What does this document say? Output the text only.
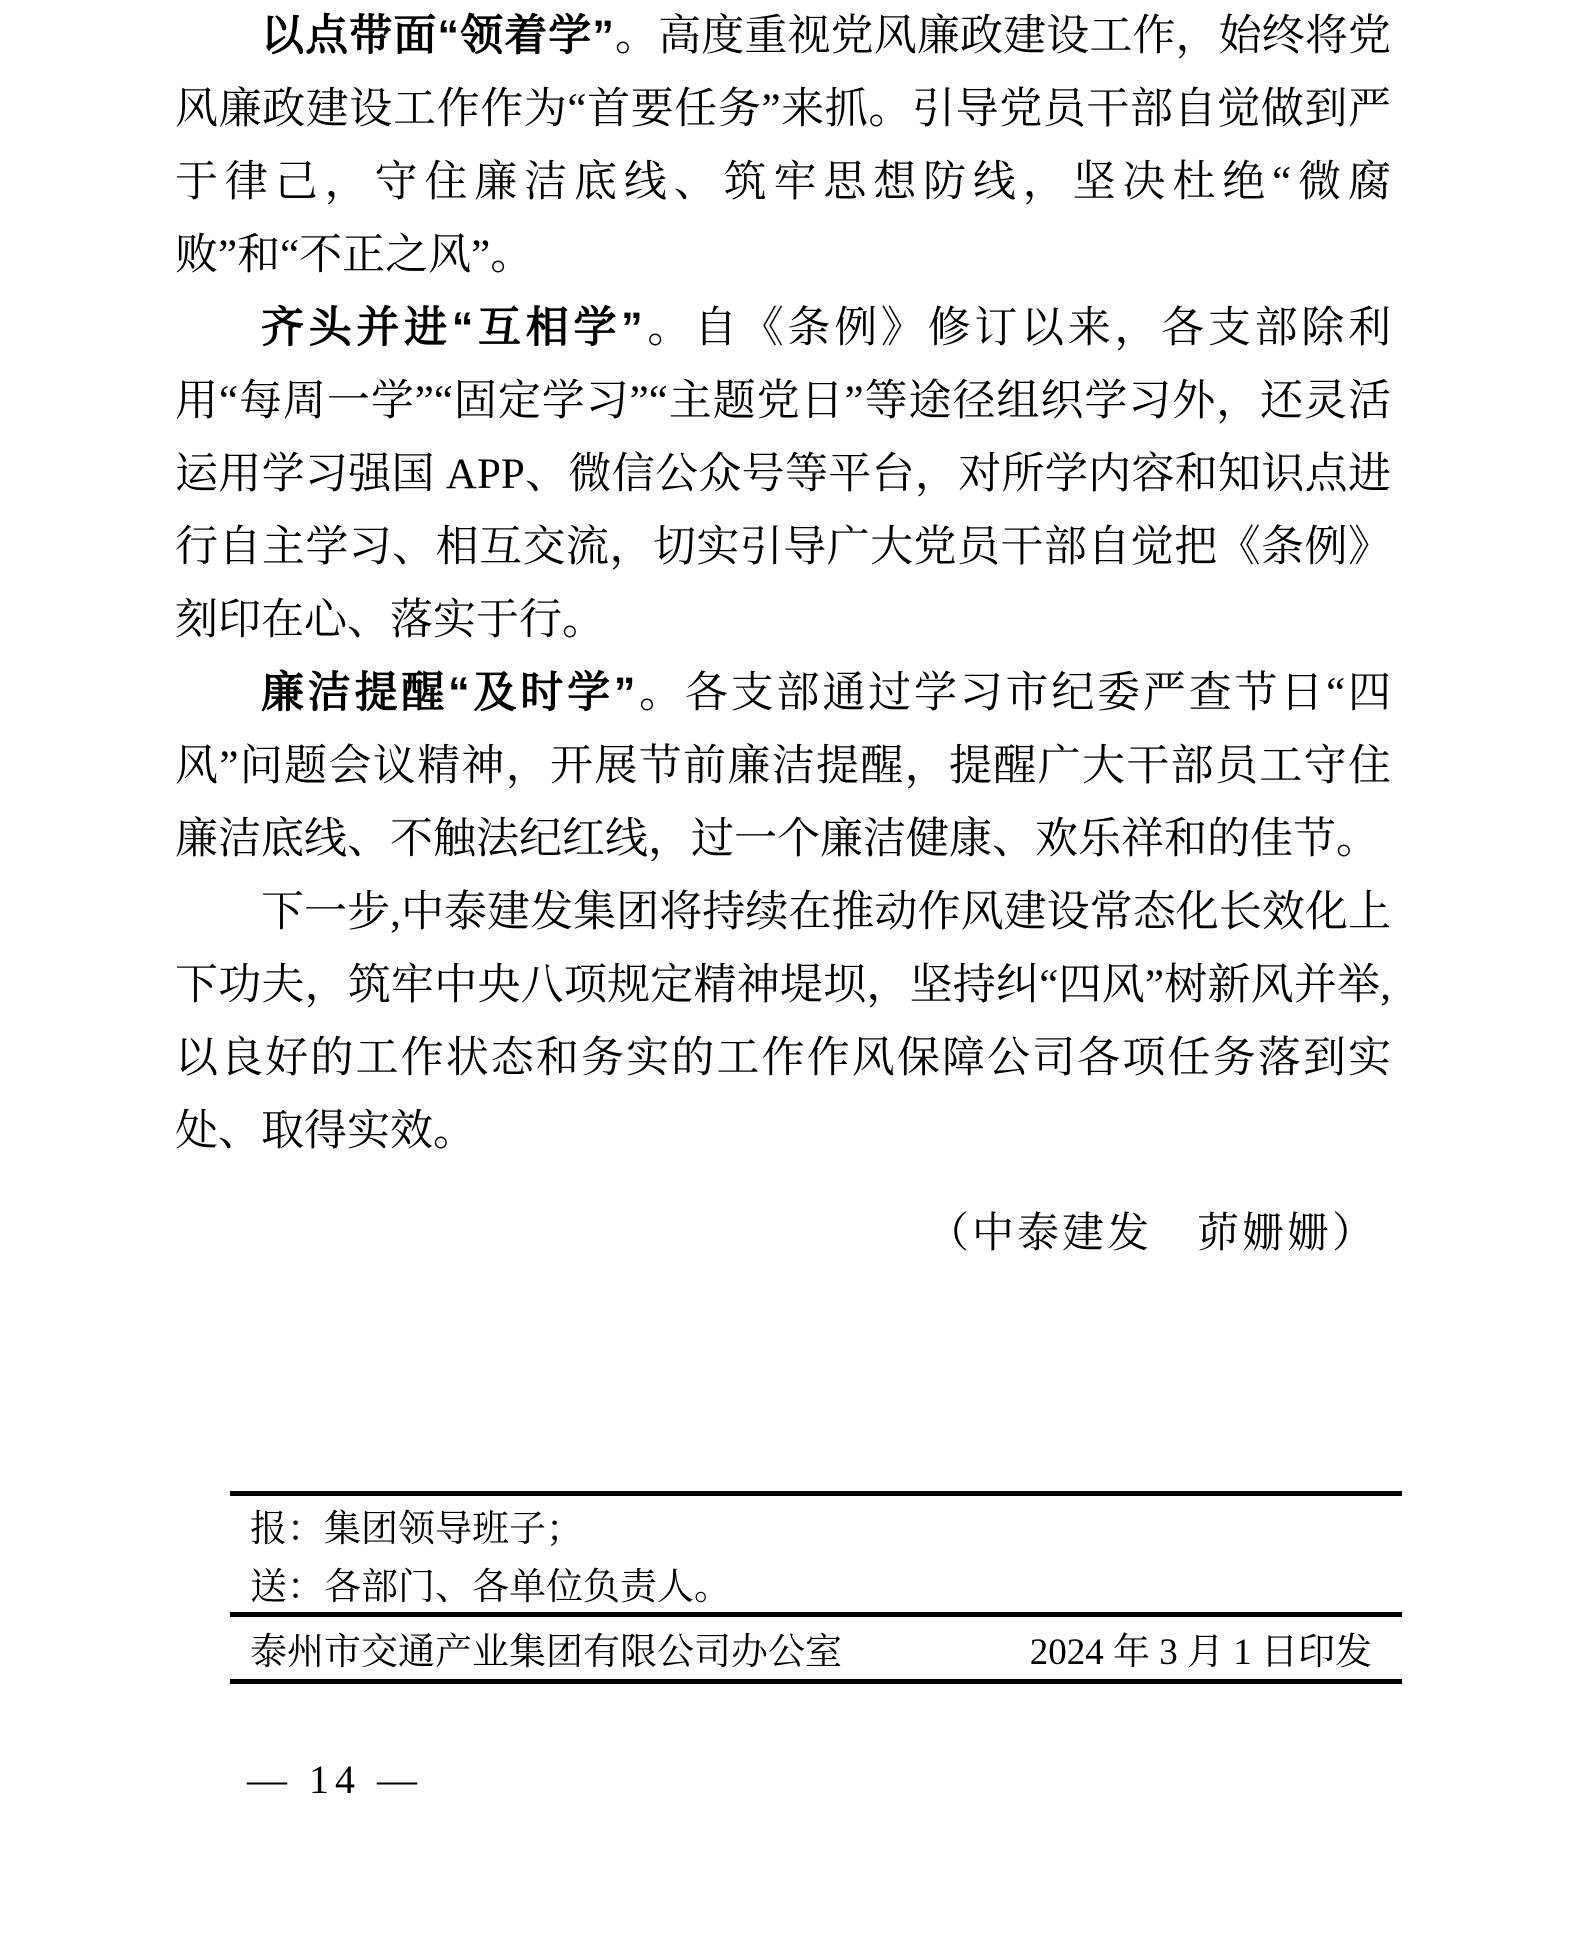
以点带面“领着学”。高度重视党风廉政建设工作，始终将党风廉政建设工作作为“首要任务”来抓。引导党员干部自觉做到严于律己，守住廉洁底线、筑牢思想防线，坚决杜绝“微腐败”和“不正之风”。

齐头并进“互相学”。自《条例》修订以来，各支部除利用“每周一学”“固定学习”“主题党日”等途径组织学习外，还灵活运用学习强国 APP、微信公众号等平台，对所学内容和知识点进行自主学习、相互交流，切实引导广大党员干部自觉把《条例》刻印在心、落实于行。

廉洁提醒“及时学”。各支部通过学习市纪委严查节日“四风”问题会议精神，开展节前廉洁提醒，提醒广大干部员工守住廉洁底线、不触法纪红线，过一个廉洁健康、欢乐祥和的佳节。

下一步,中泰建发集团将持续在推动作风建设常态化长效化上下功夫，筑牢中央八项规定精神堤坝，坚持纠“四风”树新风并举,以良好的工作状态和务实的工作作风保障公司各项任务落到实处、取得实效。

（中泰建发　茆姗姗）

报： 集团领导班子；
送： 各部门、各单位负责人。
泰州市交通产业集团有限公司办公室	2024 年 3 月 1 日印发
— 14 —
